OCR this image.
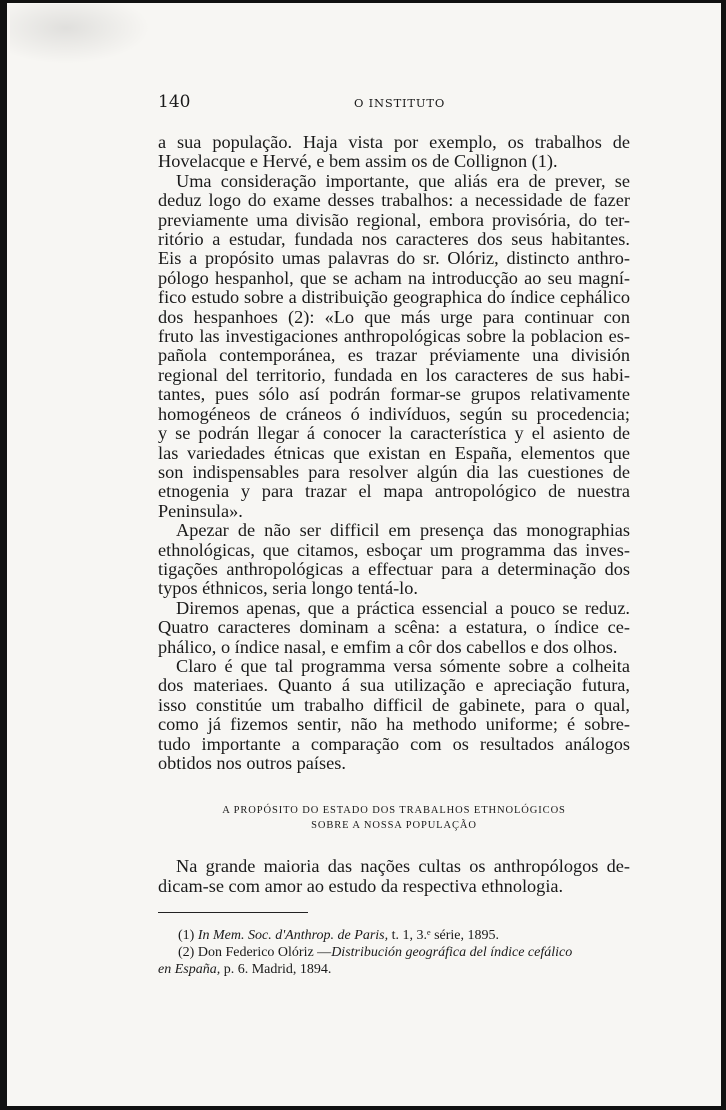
140	O INSTITUTO

a sua população. Haja vista por exemplo, os trabalhos de

Hovelacque e Hervé, e bem assim os de Collignon (1).

Uma consideração importante, que aliás era de prever, se

deduz logo do exame desses trabalhos: a necessidade de fazer

previamente uma divisão regional, embora provisória, do ter-

ritório a estudar, fundada nos caracteres dos seus habitantes.

Eis a propósito umas palavras do sr. Olóriz, distincto anthro-

pólogo hespanhol, que se acham na introducção ao seu magní-

fico estudo sobre a distribuição geographica do índice cephálico

dos hespanhoes (2): «Lo que más urge para continuar con

fruto las investigaciones anthropológicas sobre la poblacion es-

pañola contemporánea, es trazar préviamente una división

regional del territorio, fundada en los caracteres de sus habi-

tantes, pues sólo así podrán formar-se grupos relativamente

homogéneos de cráneos ó indivíduos, según su procedencia;

y se podrán llegar á conocer la característica y el asiento de

las variedades étnicas que existan en España, elementos que

son indispensables para resolver algún dia las cuestiones de

etnogenia y para trazar el mapa antropológico de nuestra

Peninsula».

Apezar de não ser difficil em presença das monographias

ethnológicas, que citamos, esboçar um programma das inves-

tigações anthropológicas a effectuar para a determinação dos

typos éthnicos, seria longo tentá-lo.

Diremos apenas, que a práctica essencial a pouco se reduz.

Quatro caracteres dominam a scêna: a estatura, o índice ce-

phálico, o índice nasal, e emfim a côr dos cabellos e dos olhos.

Claro é que tal programma versa sómente sobre a colheita

dos materiaes. Quanto á sua utilização e apreciação futura,

isso constitúe um trabalho difficil de gabinete, para o qual,

como já fizemos sentir, não ha methodo uniforme; é sobre-

tudo importante a comparação com os resultados análogos

obtidos nos outros países.

A PROPÓSITO DO ESTADO DOS TRABALHOS ETHNOLÓGICOS
SOBRE A NOSSA POPULAÇÃO

Na grande maioria das nações cultas os anthropólogos de-

dicam-se com amor ao estudo da respectiva ethnologia.

(1) In Mem. Soc. d'Anthrop. de Paris, t. 1, 3.ᵉ série, 1895.

(2) Don Federico Olóriz —Distribución geográfica del índice cefálico

en España, p. 6. Madrid, 1894.
